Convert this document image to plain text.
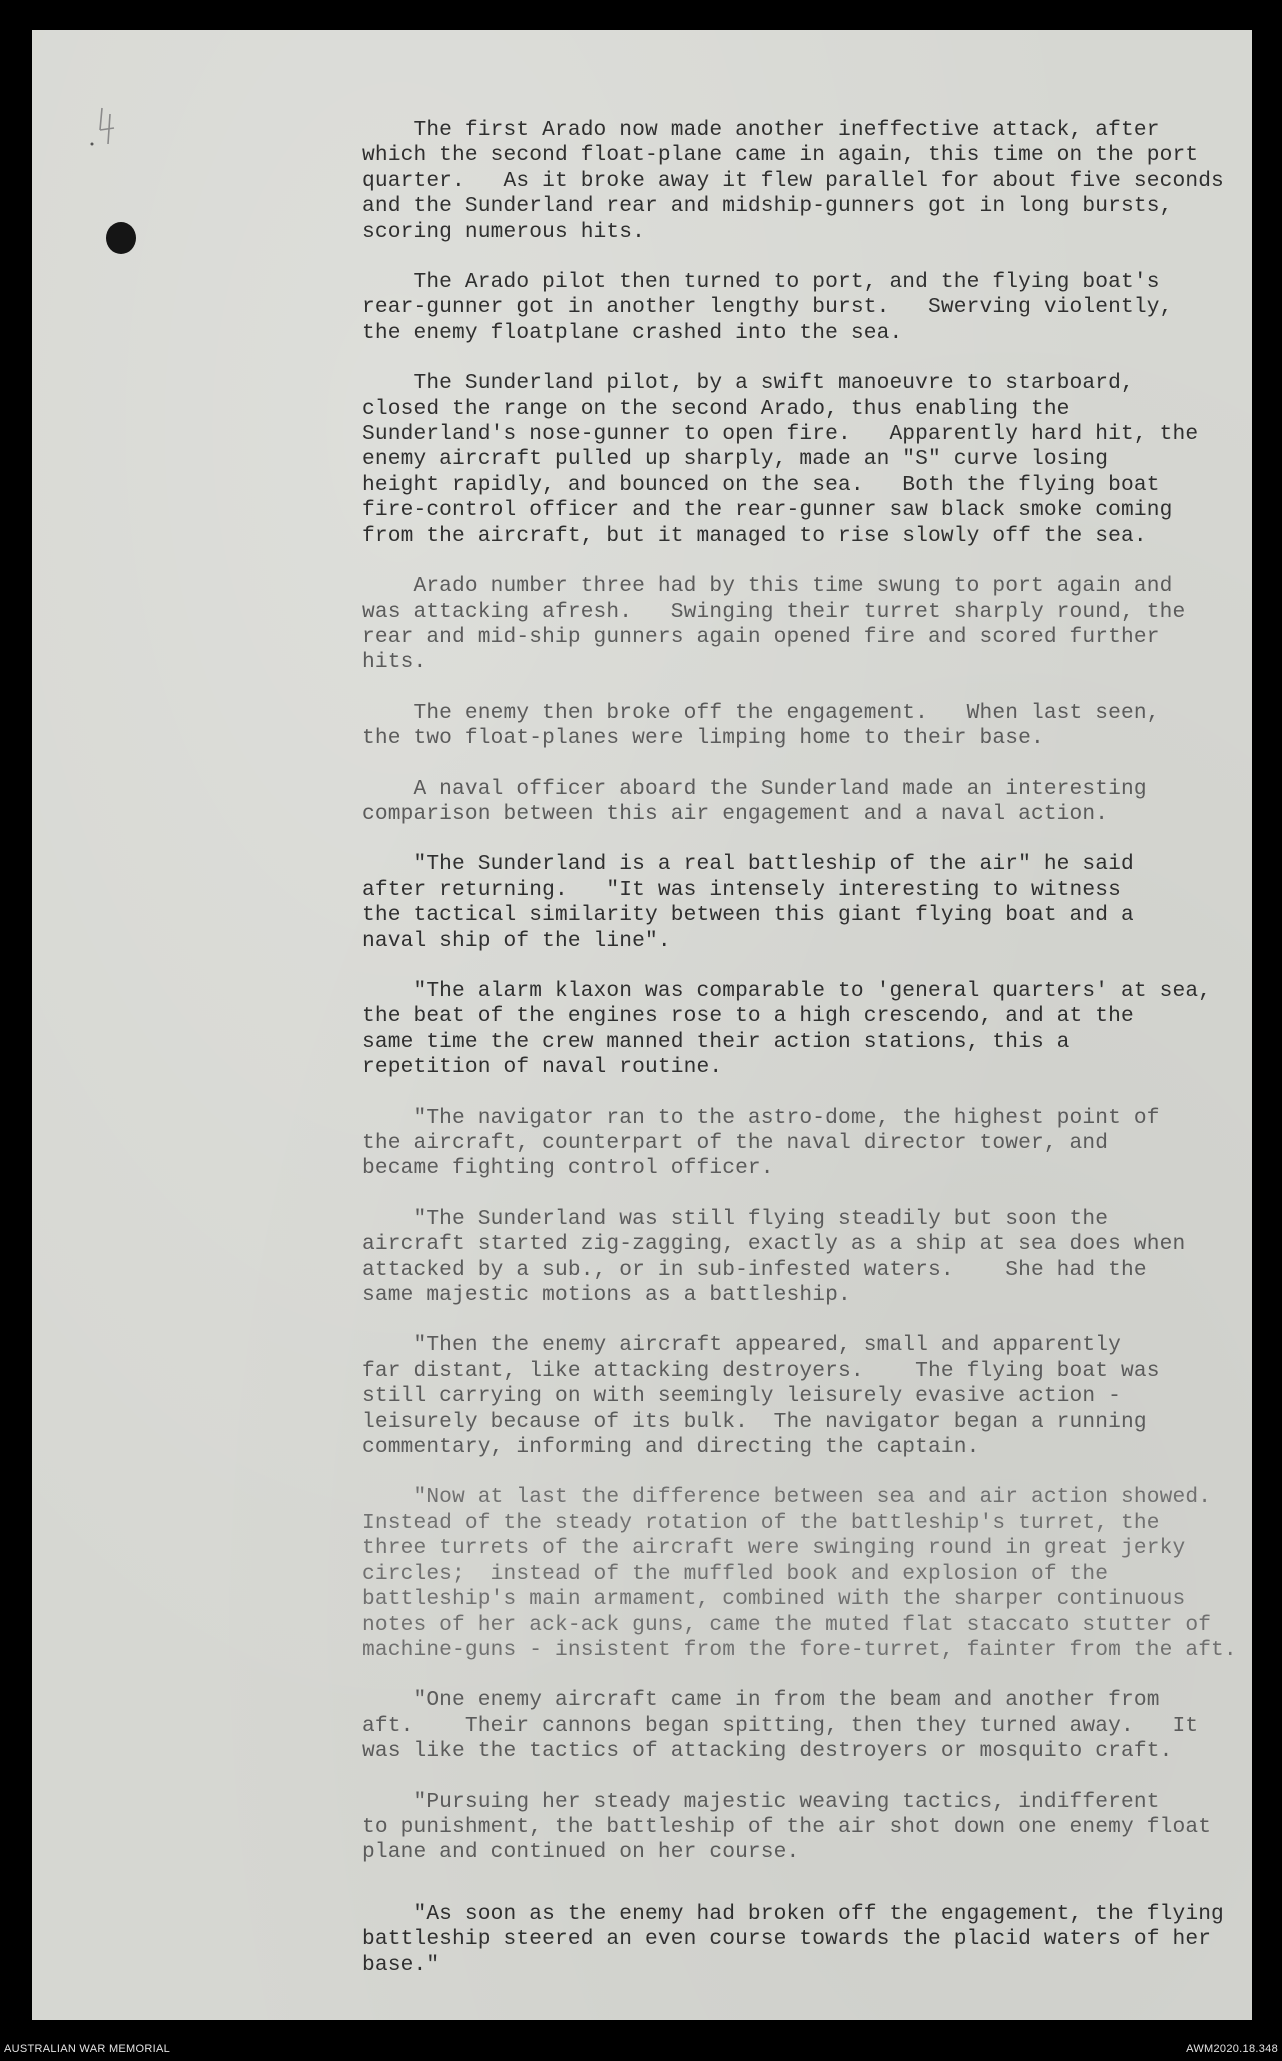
The first Arado now made another ineffective attack, after
which the second float-plane came in again, this time on the port
quarter.   As it broke away it flew parallel for about five seconds
and the Sunderland rear and midship-gunners got in long bursts,
scoring numerous hits.

The Arado pilot then turned to port, and the flying boat's
rear-gunner got in another lengthy burst.   Swerving violently,
the enemy floatplane crashed into the sea.

The Sunderland pilot, by a swift manoeuvre to starboard,
closed the range on the second Arado, thus enabling the
Sunderland's nose-gunner to open fire.   Apparently hard hit, the
enemy aircraft pulled up sharply, made an "S" curve losing
height rapidly, and bounced on the sea.   Both the flying boat
fire-control officer and the rear-gunner saw black smoke coming
from the aircraft, but it managed to rise slowly off the sea.

Arado number three had by this time swung to port again and
was attacking afresh.   Swinging their turret sharply round, the
rear and mid-ship gunners again opened fire and scored further
hits.

The enemy then broke off the engagement.   When last seen,
the two float-planes were limping home to their base.

A naval officer aboard the Sunderland made an interesting
comparison between this air engagement and a naval action.

"The Sunderland is a real battleship of the air" he said
after returning.   "It was intensely interesting to witness
the tactical similarity between this giant flying boat and a
naval ship of the line".

"The alarm klaxon was comparable to 'general quarters' at sea,
the beat of the engines rose to a high crescendo, and at the
same time the crew manned their action stations, this a
repetition of naval routine.

"The navigator ran to the astro-dome, the highest point of
the aircraft, counterpart of the naval director tower, and
became fighting control officer.

"The Sunderland was still flying steadily but soon the
aircraft started zig-zagging, exactly as a ship at sea does when
attacked by a sub., or in sub-infested waters.    She had the
same majestic motions as a battleship.

"Then the enemy aircraft appeared, small and apparently
far distant, like attacking destroyers.    The flying boat was
still carrying on with seemingly leisurely evasive action -
leisurely because of its bulk.  The navigator began a running
commentary, informing and directing the captain.

"Now at last the difference between sea and air action showed.
Instead of the steady rotation of the battleship's turret, the
three turrets of the aircraft were swinging round in great jerky
circles;  instead of the muffled book and explosion of the
battleship's main armament, combined with the sharper continuous
notes of her ack-ack guns, came the muted flat staccato stutter of
machine-guns - insistent from the fore-turret, fainter from the aft.

"One enemy aircraft came in from the beam and another from
aft.    Their cannons began spitting, then they turned away.   It
was like the tactics of attacking destroyers or mosquito craft.

"Pursuing her steady majestic weaving tactics, indifferent
to punishment, the battleship of the air shot down one enemy float
plane and continued on her course.

"As soon as the enemy had broken off the engagement, the flying
battleship steered an even course towards the placid waters of her
base."

AUSTRALIAN WAR MEMORIAL	AWM2020.18.348
